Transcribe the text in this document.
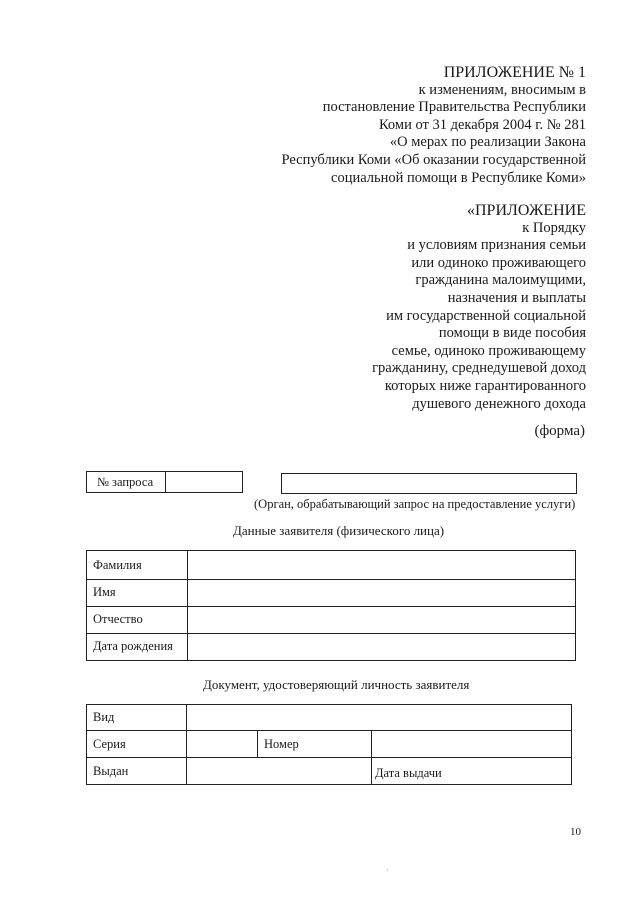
ПРИЛОЖЕНИЕ № 1
к изменениям, вносимым в
постановление Правительства Республики
Коми от 31 декабря 2004 г. № 281
«О мерах по реализации Закона
Республики Коми «Об оказании государственной
социальной помощи в Республике Коми»
«ПРИЛОЖЕНИЕ
к Порядку
и условиям признания семьи
или одиноко проживающего
гражданина малоимущими,
назначения и выплаты
им государственной социальной
помощи в виде пособия
семье, одиноко проживающему
гражданину, среднедушевой доход
которых ниже гарантированного
душевого денежного дохода
(форма)
№ запроса
(Орган, обрабатывающий запрос на предоставление услуги)
Данные заявителя (физического лица)
Фамилия
Имя
Отчество
Дата рождения
Документ, удостоверяющий личность заявителя
Вид
Серия	Номер
Выдан	Дата выдачи
10
·
